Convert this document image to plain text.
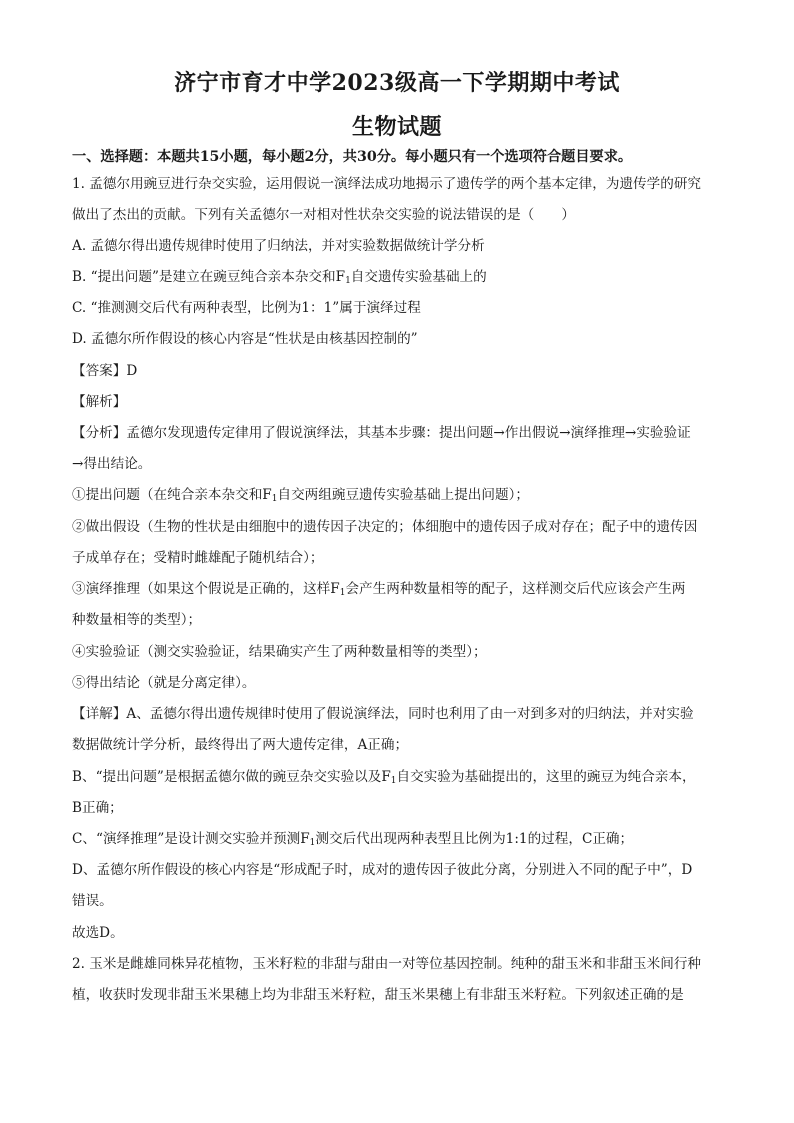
济宁市育才中学2023级高一下学期期中考试
生物试题
一、选择题：本题共15小题，每小题2分，共30分。每小题只有一个选项符合题目要求。
1. 孟德尔用豌豆进行杂交实验，运用假说一演绎法成功地揭示了遗传学的两个基本定律，为遗传学的研究
做出了杰出的贡献。下列有关孟德尔一对相对性状杂交实验的说法错误的是（　　）
A. 孟德尔得出遗传规律时使用了归纳法，并对实验数据做统计学分析
B. “提出问题”是建立在豌豆纯合亲本杂交和$F_1$自交遗传实验基础上的
C. “推测测交后代有两种表型，比例为1：1”属于演绎过程
D. 孟德尔所作假设的核心内容是“性状是由核基因控制的”
【答案】D
【解析】
【分析】孟德尔发现遗传定律用了假说演绎法，其基本步骤：提出问题→作出假说→演绎推理→实验验证
→得出结论。
①提出问题（在纯合亲本杂交和$F_1$自交两组豌豆遗传实验基础上提出问题）；
②做出假设（生物的性状是由细胞中的遗传因子决定的；体细胞中的遗传因子成对存在；配子中的遗传因
子成单存在；受精时雌雄配子随机结合）；
③演绎推理（如果这个假说是正确的，这样$F_1$会产生两种数量相等的配子，这样测交后代应该会产生两
种数量相等的类型）；
④实验验证（测交实验验证，结果确实产生了两种数量相等的类型）；
⑤得出结论（就是分离定律）。
【详解】A、孟德尔得出遗传规律时使用了假说演绎法，同时也利用了由一对到多对的归纳法，并对实验
数据做统计学分析，最终得出了两大遗传定律，A正确；
B、“提出问题”是根据孟德尔做的豌豆杂交实验以及$F_1$自交实验为基础提出的，这里的豌豆为纯合亲本，
B正确；
C、“演绎推理”是设计测交实验并预测$F_1$测交后代出现两种表型且比例为1:1的过程，C正确；
D、孟德尔所作假设的核心内容是“形成配子时，成对的遗传因子彼此分离，分别进入不同的配子中”，D
错误。
故选D。
2. 玉米是雌雄同株异花植物，玉米籽粒的非甜与甜由一对等位基因控制。纯种的甜玉米和非甜玉米间行种
植，收获时发现非甜玉米果穗上均为非甜玉米籽粒，甜玉米果穗上有非甜玉米籽粒。下列叙述正确的是
